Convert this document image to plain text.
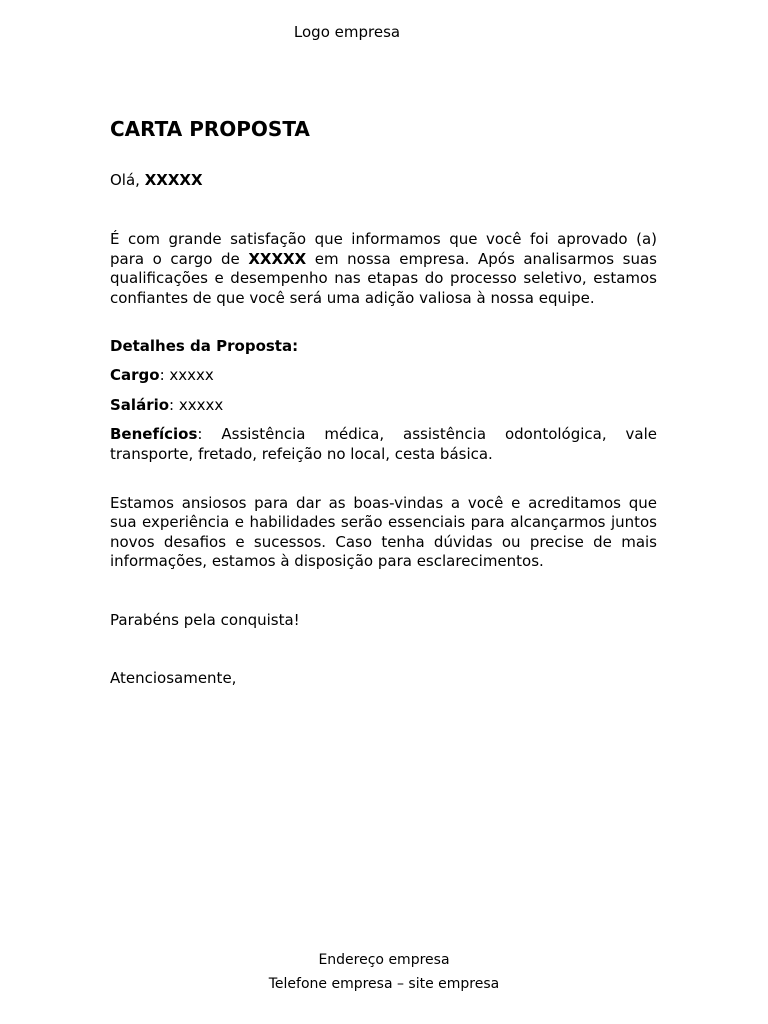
Logo empresa
CARTA PROPOSTA

Olá, XXXXX

É com grande satisfação que informamos que você foi aprovado (a) para o cargo de XXXXX em nossa empresa. Após analisarmos suas qualificações e desempenho nas etapas do processo seletivo, estamos confiantes de que você será uma adição valiosa à nossa equipe.

Detalhes da Proposta:

Cargo: xxxxx

Salário: xxxxx

Benefícios: Assistência médica, assistência odontológica, vale transporte, fretado, refeição no local, cesta básica.

Estamos ansiosos para dar as boas-vindas a você e acreditamos que sua experiência e habilidades serão essenciais para alcançarmos juntos novos desafios e sucessos. Caso tenha dúvidas ou precise de mais informações, estamos à disposição para esclarecimentos.

Parabéns pela conquista!

Atenciosamente,

Endereço empresa
Telefone empresa – site empresa
